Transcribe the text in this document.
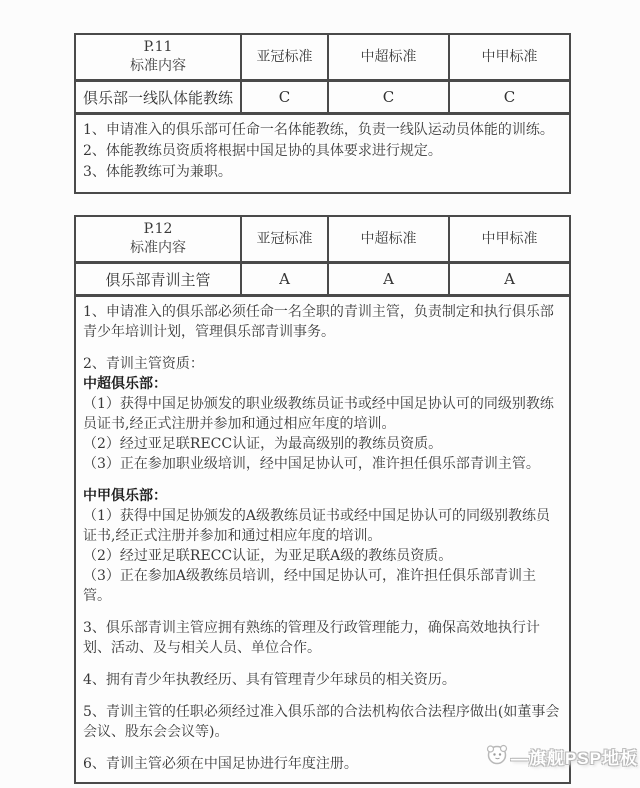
P.11
标准内容	亚冠标准	中超标准	中甲标准
俱乐部一线队体能教练	C	C	C

1、申请准入的俱乐部可任命一名体能教练，负责一线队运动员体能的训练。

2、体能教练员资质将根据中国足协的具体要求进行规定。

3、体能教练可为兼职。			

P.12
标准内容	亚冠标准	中超标准	中甲标准
俱乐部青训主管	A	A	A

1、申请准入的俱乐部必须任命一名全职的青训主管，负责制定和执行俱乐部青少年培训计划，管理俱乐部青训事务。

2、青训主管资质：

中超俱乐部：

（1）获得中国足协颁发的职业级教练员证书或经中国足协认可的同级别教练员证书,经正式注册并参加和通过相应年度的培训。

（2）经过亚足联RECC认证，为最高级别的教练员资质。

（3）正在参加职业级培训，经中国足协认可，准许担任俱乐部青训主管。

中甲俱乐部：

（1）获得中国足协颁发的A级教练员证书或经中国足协认可的同级别教练员证书,经正式注册并参加和通过相应年度的培训。

（2）经过亚足联RECC认证，为亚足联A级的教练员资质。

（3）正在参加A级教练员培训，经中国足协认可，准许担任俱乐部青训主管。

3、俱乐部青训主管应拥有熟练的管理及行政管理能力，确保高效地执行计划、活动、及与相关人员、单位合作。

4、拥有青少年执教经历、具有管理青少年球员的相关资历。

5、青训主管的任职必须经过准入俱乐部的合法机构依合法程序做出(如董事会会议、股东会会议等)。

6、青训主管必须在中国足协进行年度注册。	—旗舰PSP地板
